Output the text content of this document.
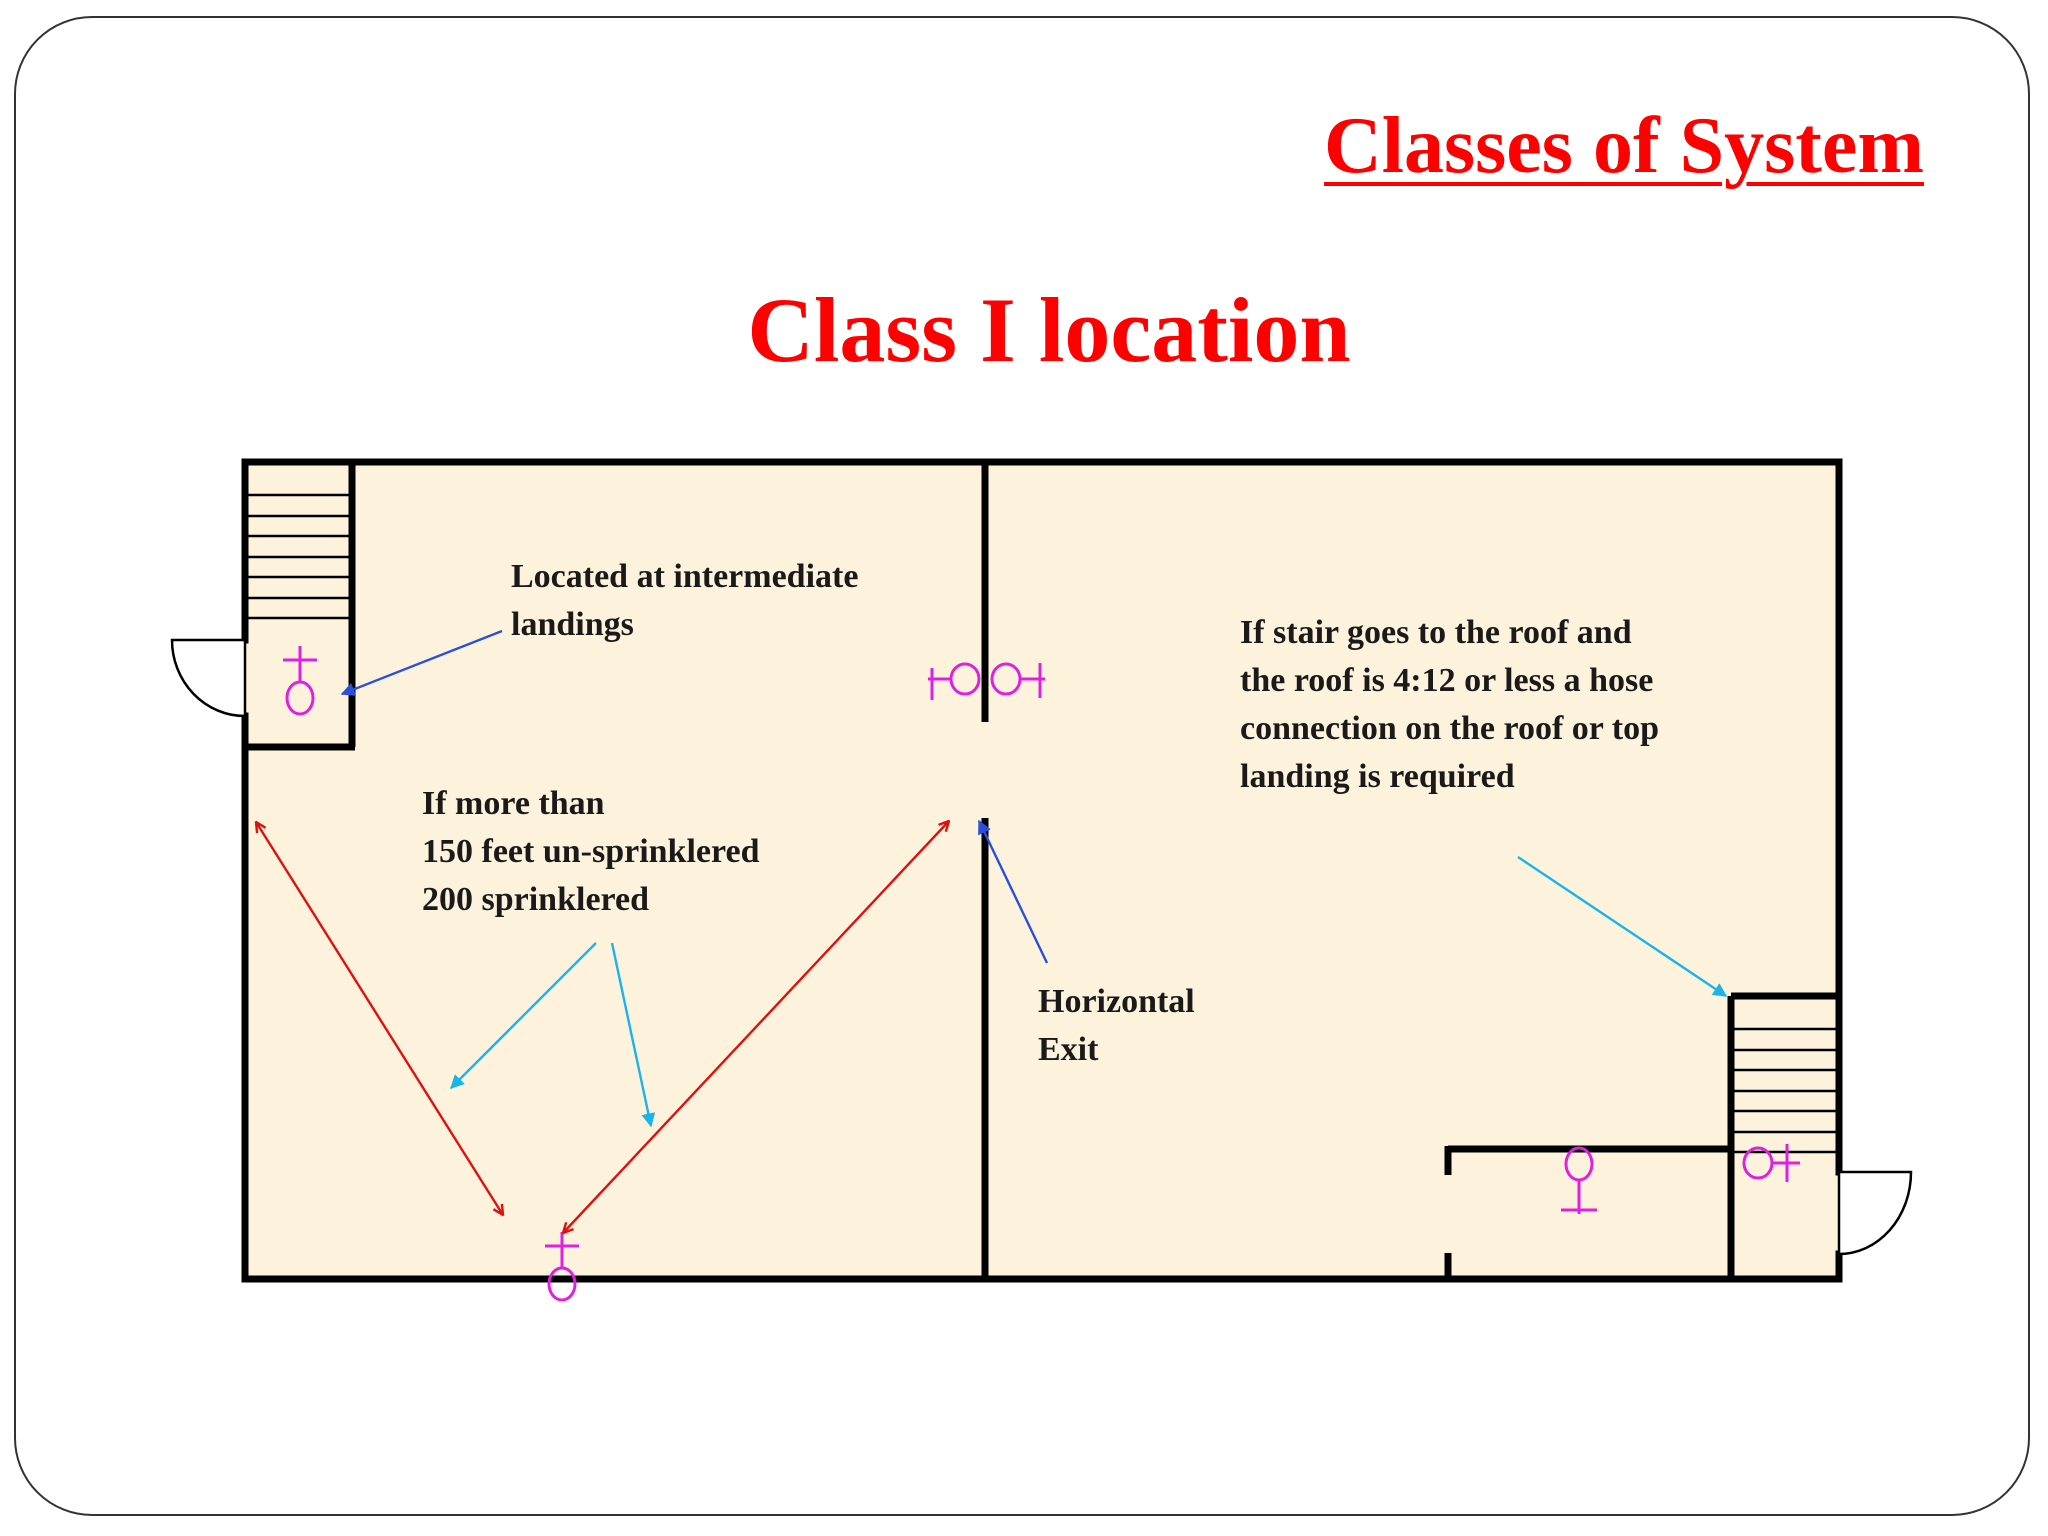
Classes of System
Class I location
Located at intermediate landings
If more than 150 feet un-sprinklered 200 sprinklered
Horizontal Exit
If stair goes to the roof and the roof is 4:12 or less a hose connection on the roof or top landing is required
